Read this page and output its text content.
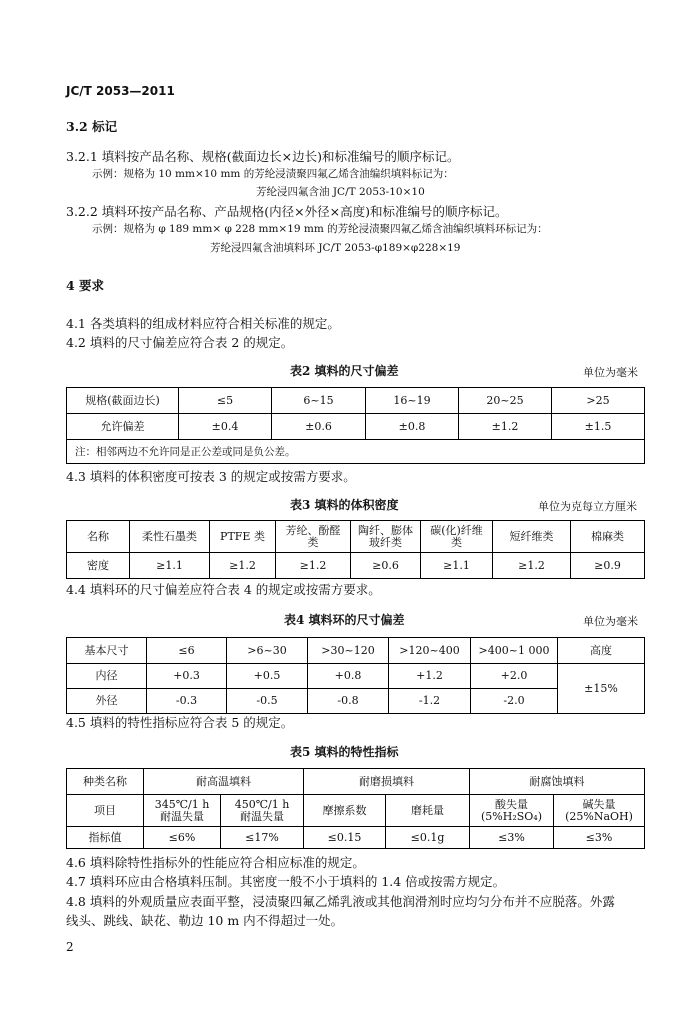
JC/T 2053—2011
3.2 标记
3.2.1 填料按产品名称、规格(截面边长×边长)和标准编号的顺序标记。
示例：规格为 10 mm×10 mm 的芳纶浸渍聚四氟乙烯含油编织填料标记为：
芳纶浸四氟含油 JC/T 2053-10×10
3.2.2 填料环按产品名称、产品规格(内径×外径×高度)和标准编号的顺序标记。
示例：规格为 φ 189 mm× φ 228 mm×19 mm 的芳纶浸渍聚四氟乙烯含油编织填料环标记为：
芳纶浸四氟含油填料环 JC/T 2053-φ189×φ228×19
4 要求
4.1 各类填料的组成材料应符合相关标准的规定。
4.2 填料的尺寸偏差应符合表 2 的规定。
表2 填料的尺寸偏差	单位为毫米
规格(截面边长)	≤5	6~15	16~19	20~25	>25
允许偏差	±0.4	±0.6	±0.8	±1.2	±1.5
注：相邻两边不允许同是正公差或同是负公差。					
4.3 填料的体积密度可按表 3 的规定或按需方要求。
表3 填料的体积密度	单位为克每立方厘米
名称	柔性石墨类	PTFE 类	芳纶、酚醛类	陶纤、膨体玻纤类	碳(化)纤维类	短纤维类	棉麻类
密度	≥1.1	≥1.2	≥1.2	≥0.6	≥1.1	≥1.2	≥0.9
4.4 填料环的尺寸偏差应符合表 4 的规定或按需方要求。
表4 填料环的尺寸偏差	单位为毫米
基本尺寸	≤6	>6~30	>30~120	>120~400	>400~1 000	高度
内径	+0.3	+0.5	+0.8	+1.2	+2.0	±15%
外径	-0.3	-0.5	-0.8	-1.2	-2.0	
4.5 填料的特性指标应符合表 5 的规定。
表5 填料的特性指标
种类名称	耐高温填料		耐磨损填料		耐腐蚀填料	
项目	345℃/1 h 耐温失量	450℃/1 h 耐温失量	摩擦系数	磨耗量	酸失量 (5%H₂SO₄)	碱失量 (25%NaOH)
指标值	≤6%	≤17%	≤0.15	≤0.1g	≤3%	≤3%
4.6 填料除特性指标外的性能应符合相应标准的规定。
4.7 填料环应由合格填料压制。其密度一般不小于填料的 1.4 倍或按需方规定。
4.8 填料的外观质量应表面平整，浸渍聚四氟乙烯乳液或其他润滑剂时应均匀分布并不应脱落。外露
线头、跳线、缺花、勒边 10 m 内不得超过一处。
2
